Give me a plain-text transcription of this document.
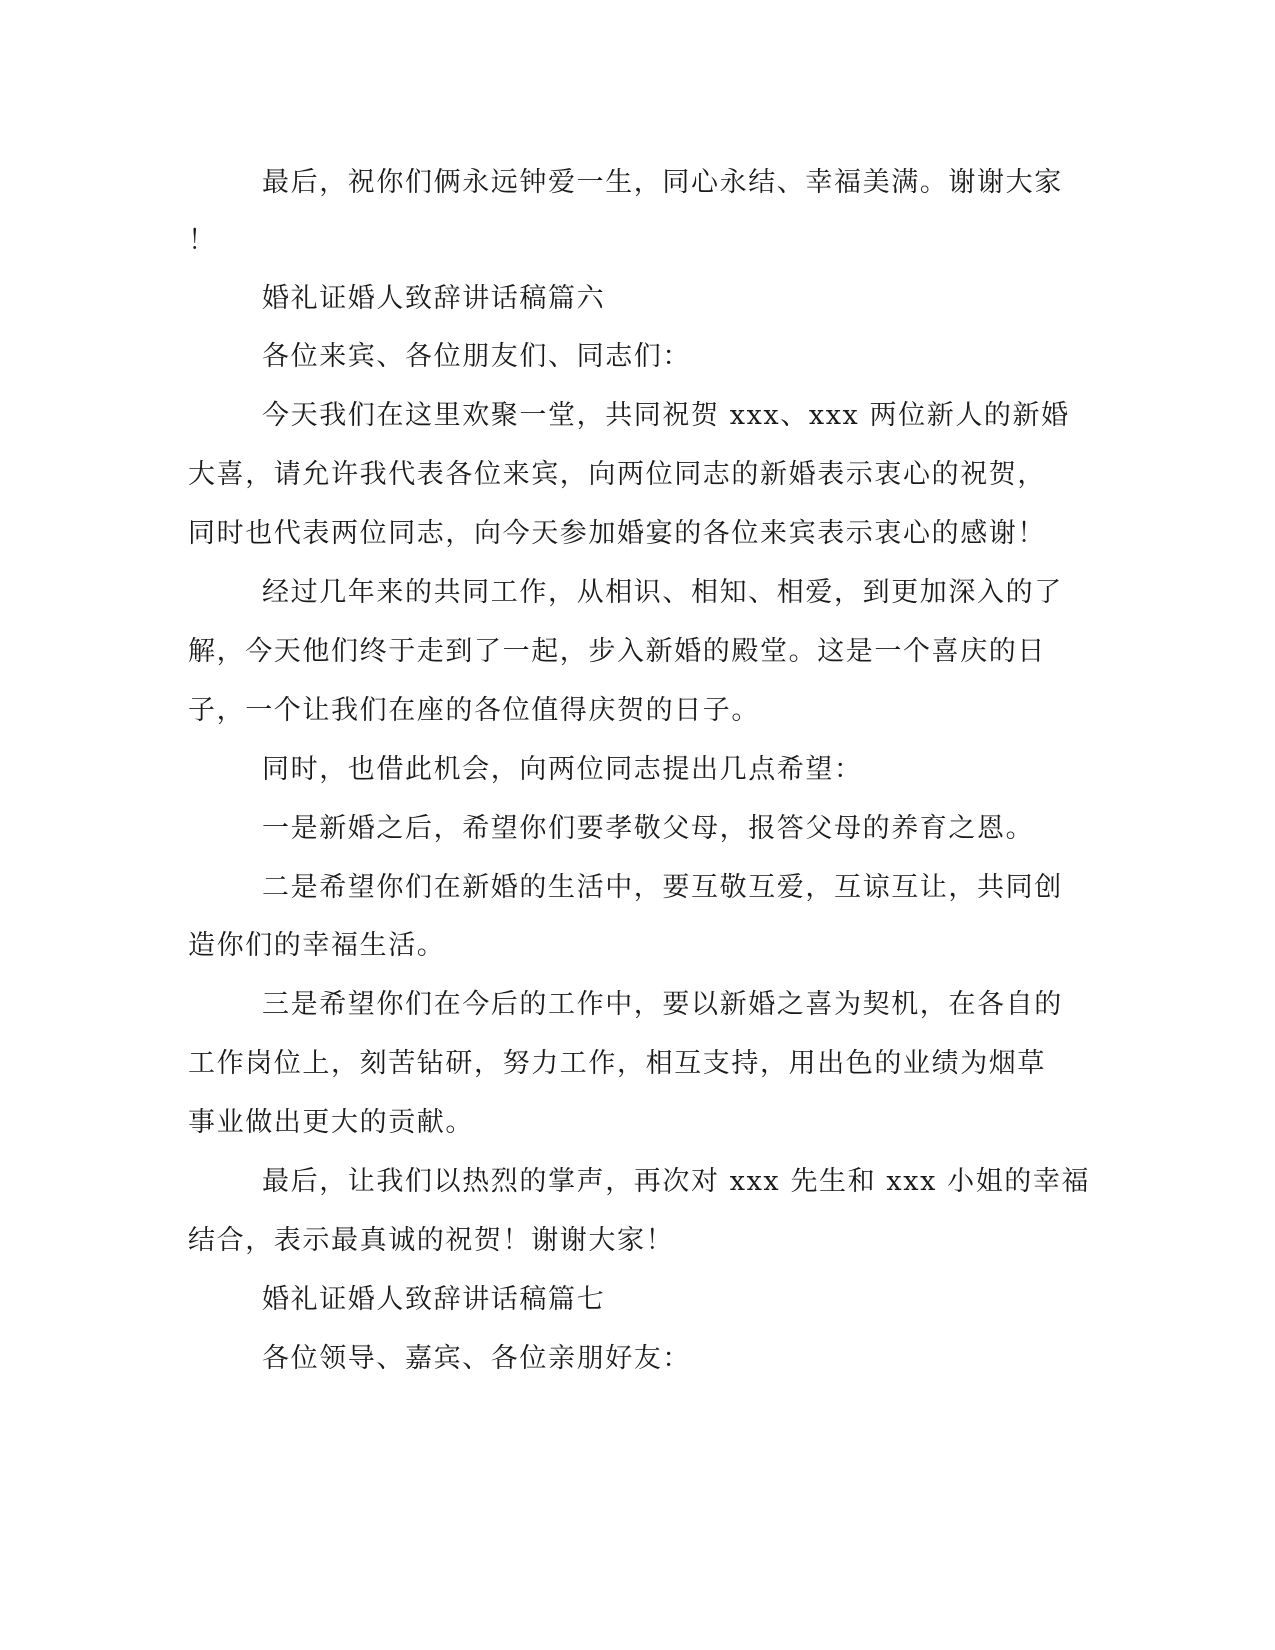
最后，祝你们俩永远钟爱一生，同心永结、幸福美满。谢谢大家
！
婚礼证婚人致辞讲话稿篇六
各位来宾、各位朋友们、同志们：
今天我们在这里欢聚一堂，共同祝贺 xxx、xxx 两位新人的新婚
大喜，请允许我代表各位来宾，向两位同志的新婚表示衷心的祝贺，
同时也代表两位同志，向今天参加婚宴的各位来宾表示衷心的感谢！
经过几年来的共同工作，从相识、相知、相爱，到更加深入的了
解，今天他们终于走到了一起，步入新婚的殿堂。这是一个喜庆的日
子，一个让我们在座的各位值得庆贺的日子。
同时，也借此机会，向两位同志提出几点希望：
一是新婚之后，希望你们要孝敬父母，报答父母的养育之恩。
二是希望你们在新婚的生活中，要互敬互爱，互谅互让，共同创
造你们的幸福生活。
三是希望你们在今后的工作中，要以新婚之喜为契机，在各自的
工作岗位上，刻苦钻研，努力工作，相互支持，用出色的业绩为烟草
事业做出更大的贡献。
最后，让我们以热烈的掌声，再次对 xxx 先生和 xxx 小姐的幸福
结合，表示最真诚的祝贺！谢谢大家！
婚礼证婚人致辞讲话稿篇七
各位领导、嘉宾、各位亲朋好友：
